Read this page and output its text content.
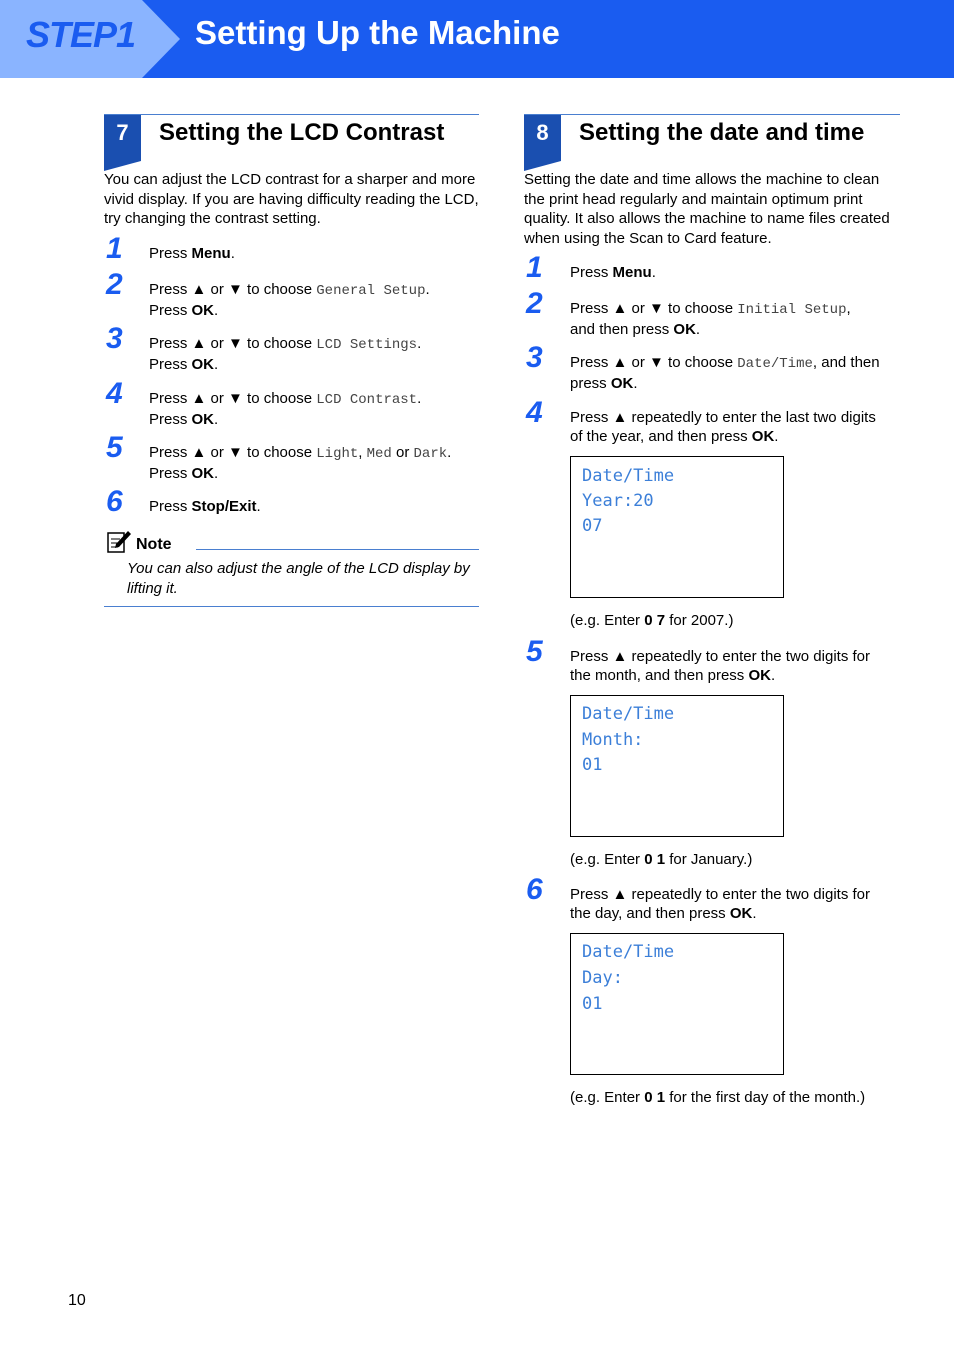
STEP1 Setting Up the Machine
7	Setting the LCD Contrast
You can adjust the LCD contrast for a sharper and more vivid display. If you are having difficulty reading the LCD, try changing the contrast setting.
1 Press Menu.
2 Press ▲ or ▼ to choose General Setup.
Press OK.
3 Press ▲ or ▼ to choose LCD Settings.
Press OK.
4 Press ▲ or ▼ to choose LCD Contrast.
Press OK.
5 Press ▲ or ▼ to choose Light, Med or Dark.
Press OK.
6 Press Stop/Exit.
Note
You can also adjust the angle of the LCD display by lifting it.
8	Setting the date and time
Setting the date and time allows the machine to clean the print head regularly and maintain optimum print quality. It also allows the machine to name files created when using the Scan to Card feature.
1 Press Menu.
2 Press ▲ or ▼ to choose Initial Setup,
and then press OK.
3 Press ▲ or ▼ to choose Date/Time, and then
press OK.
4 Press ▲ repeatedly to enter the last two digits
of the year, and then press OK.
Date/Time
Year:20
07
(e.g. Enter 0 7 for 2007.)
5 Press ▲ repeatedly to enter the two digits for
the month, and then press OK.
Date/Time
Month:
01
(e.g. Enter 0 1 for January.)
6 Press ▲ repeatedly to enter the two digits for
the day, and then press OK.
Date/Time
Day:
01
(e.g. Enter 0 1 for the first day of the month.)
10
